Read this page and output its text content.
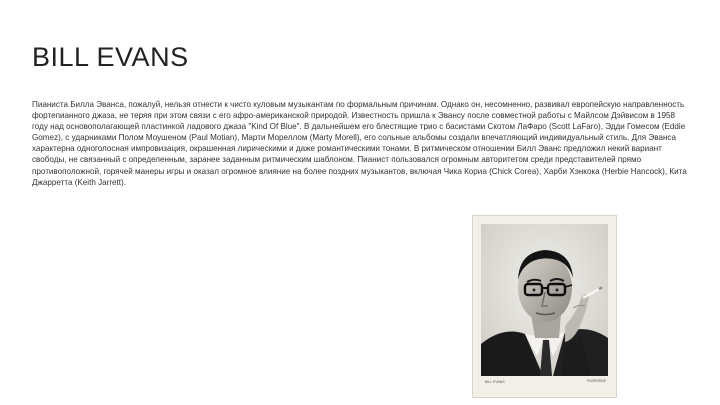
BILL EVANS

Пианиста Билла Эванса, пожалуй, нельзя отнести к чисто куловым музыкантам по формальным причинам. Однако он, несомненно, развивал европейскую направленность фортепианного джаза, не теряя при этом связи с его афро-американской природой. Известность пришла к Эвансу после совместной работы с Майлсом Дэйвисом в 1958 году над основополагающей пластинкой ладового джаза "Kind Of Blue". В дальнейшем его блестящие трио с басистами Скотом ЛаФаро (Scott LaFaro), Эдди Гомесом (Eddie Gomez), с ударниками Полом Моушеном (Paul Motian), Марти Мореллом (Marty Morell), его сольные альбомы создали впечатляющий индивидуальный стиль. Для Эванса характерна одноголосная импровизация, окрашенная лирическими и даже романтическими тонами. В ритмическом отношении Билл Эванс предложил некий вариант свободы, не связанный с определенным, заранее заданным ритмическим шаблоном. Пианист пользовался огромным авторитетом среди представителей прямо противоположной, горячей манеры игры и оказал огромное влияние на более поздних музыкантов, включая Чика Кориа (Chick Corea), Харби Хэнкока (Herbie Hancock), Кита Джарретта (Keith Jarrett).

BILL EVANS	RIVERSIDE
